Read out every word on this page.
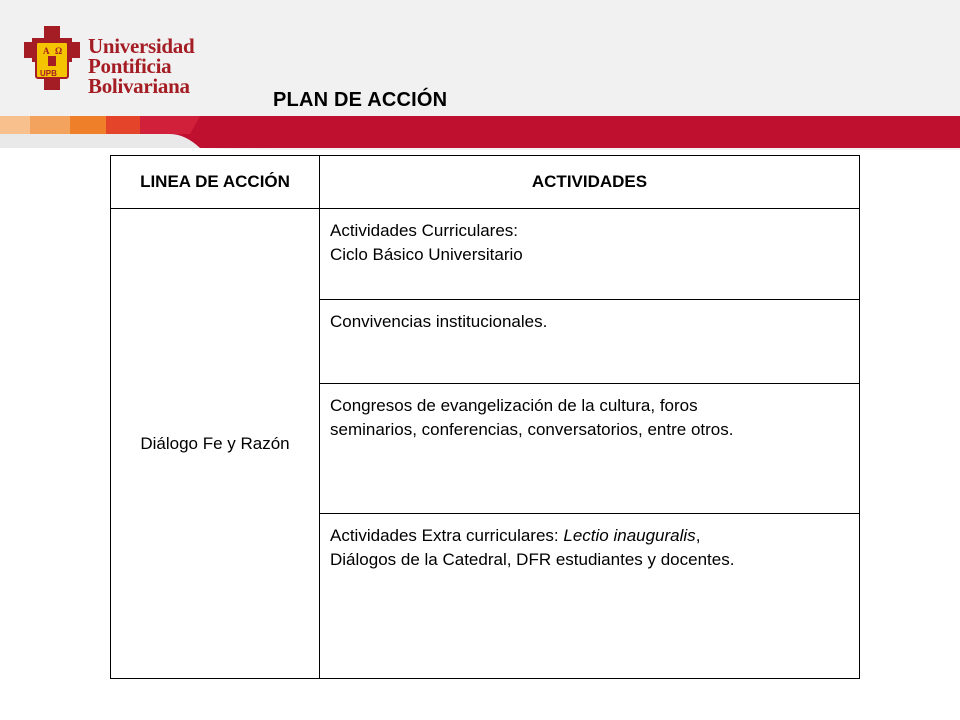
A Ω
UPB
Universidad
Pontificia
Bolivariana
PLAN DE ACCIÓN
LINEA DE ACCIÓN	ACTIVIDADES
Diálogo Fe y Razón	Actividades Curriculares:
Ciclo Básico Universitario

	Convivencias institucionales.

	Congresos de evangelización de la cultura, foros
seminarios, conferencias, conversatorios, entre otros.

	Actividades Extra curriculares: Lectio inauguralis,
Diálogos de la Catedral, DFR estudiantes y docentes.
